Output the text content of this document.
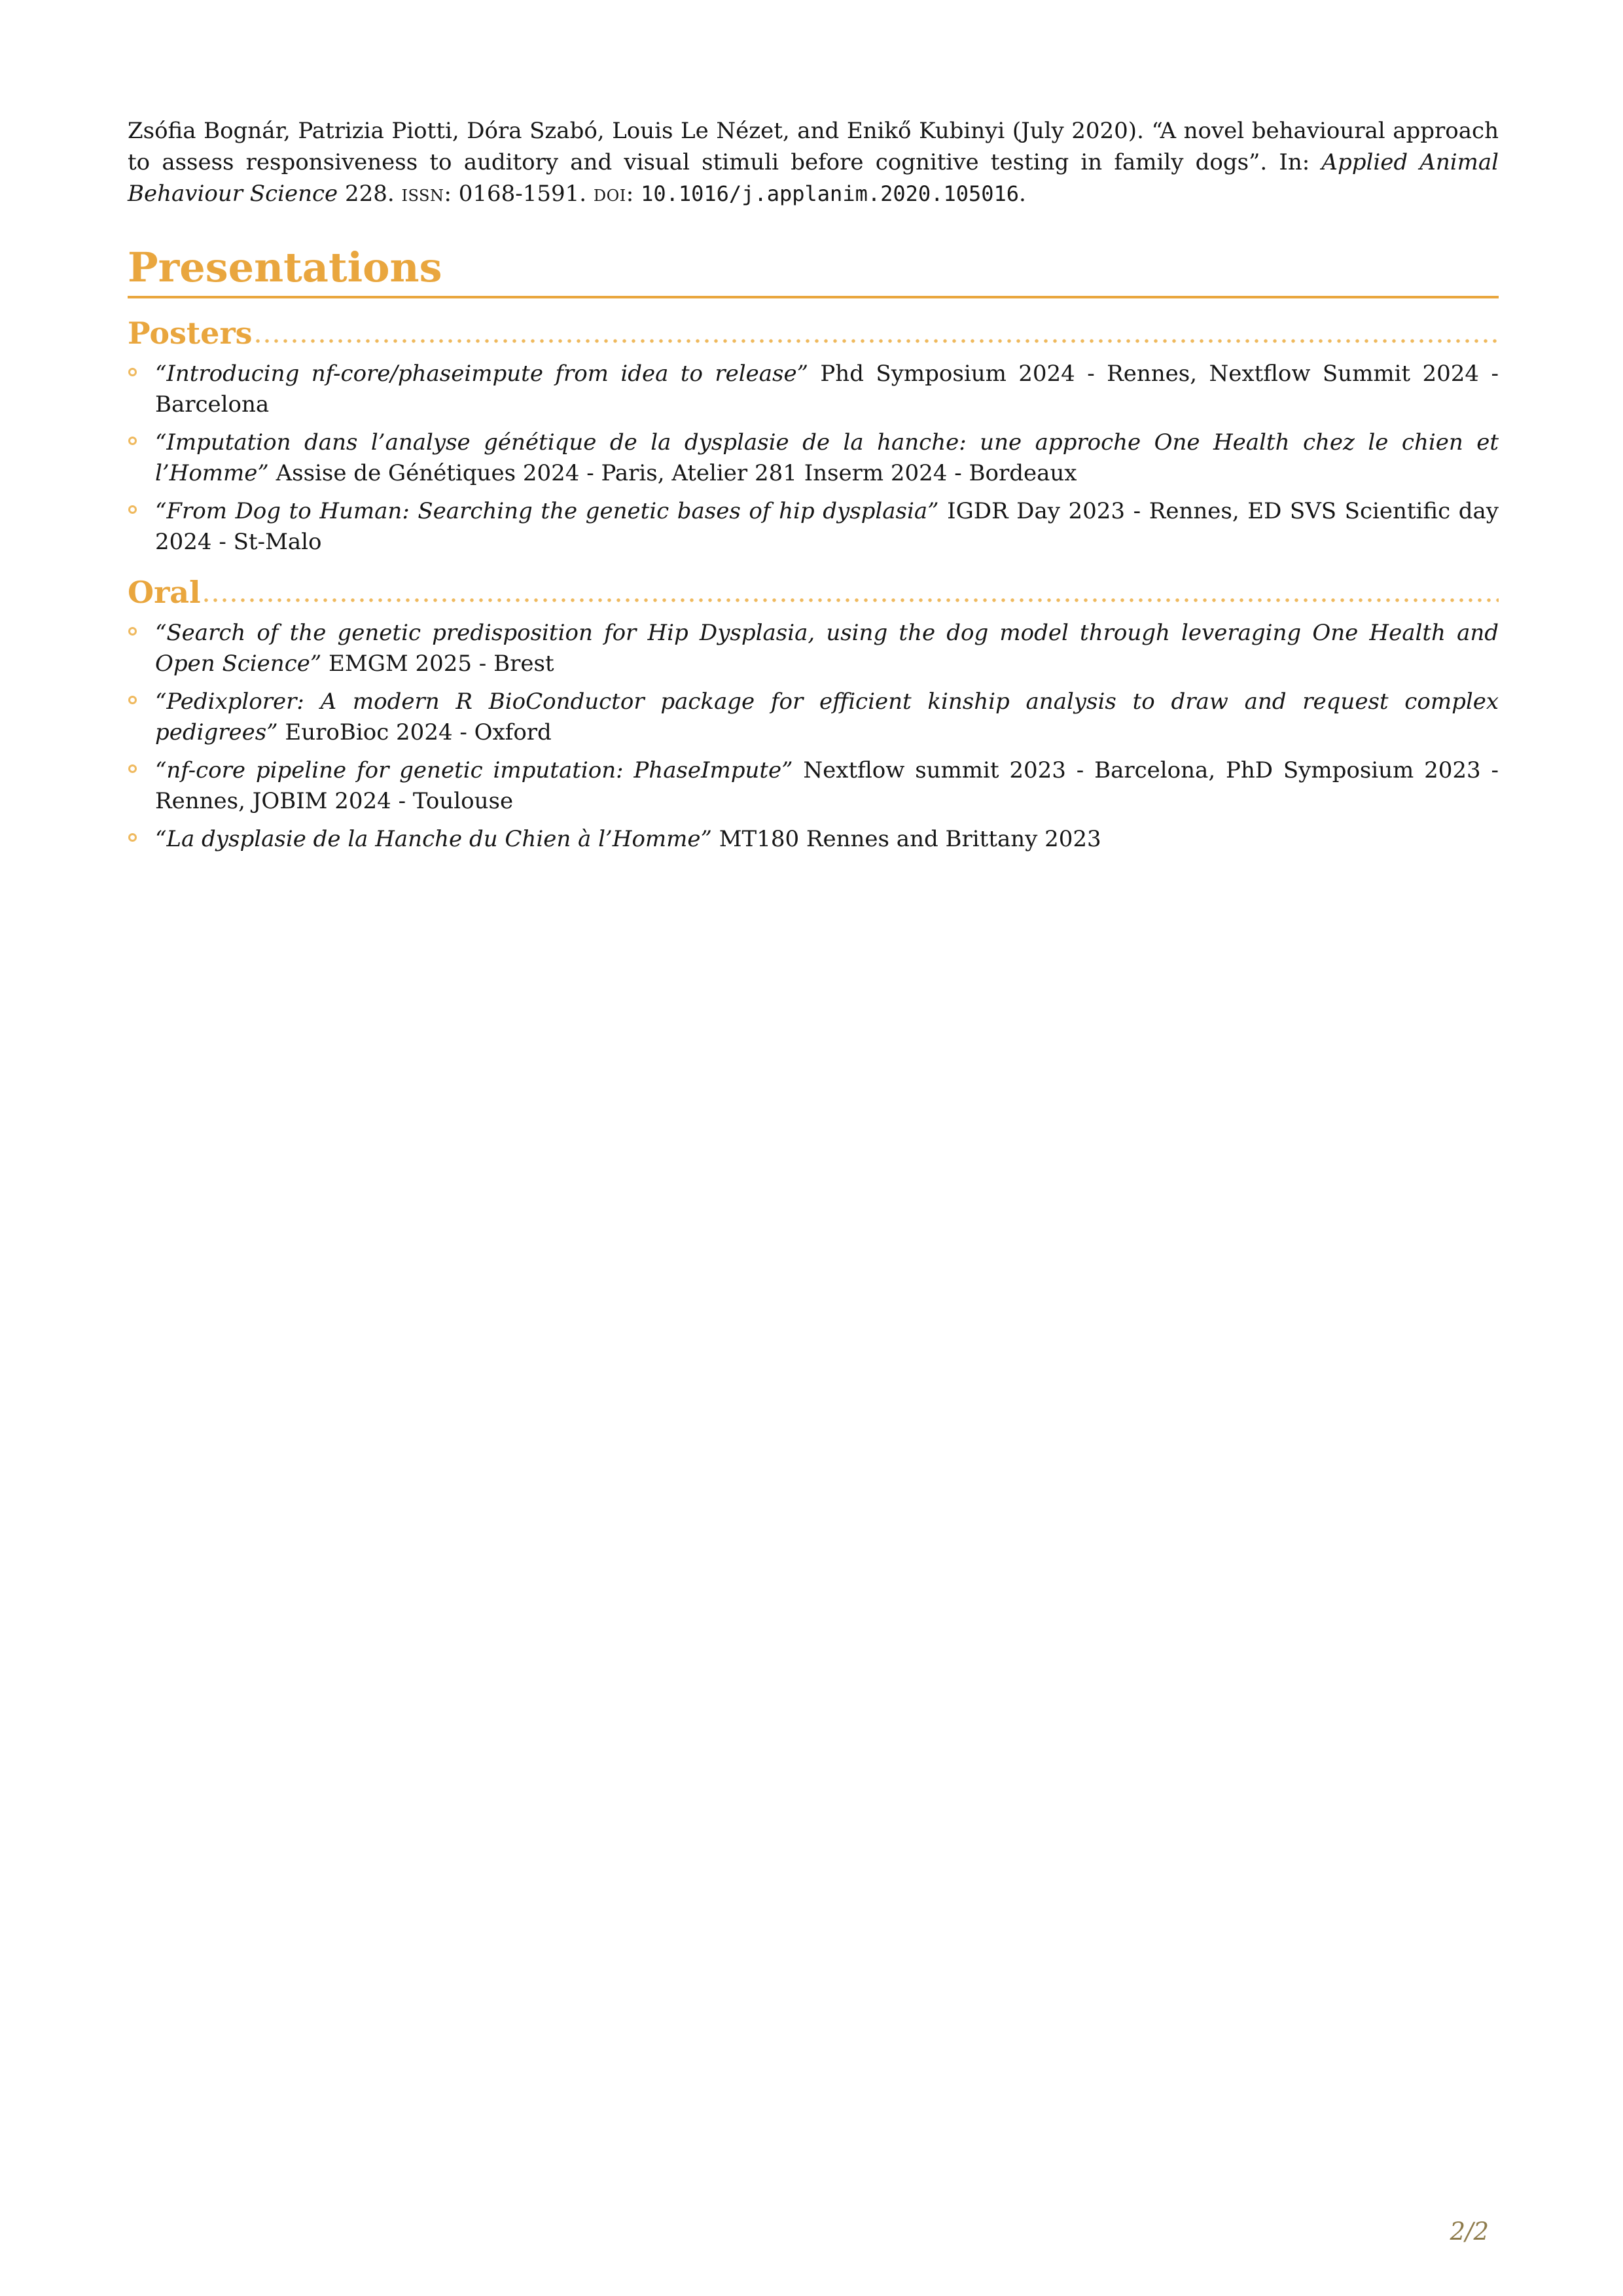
Zsófia Bognár, Patrizia Piotti, Dóra Szabó, Louis Le Nézet, and Enikő Kubinyi (July 2020). “A novel behavioural approach to assess responsiveness to auditory and visual stimuli before cognitive testing in family dogs”. In: Applied Animal Behaviour Science 228. issn: 0168-1591. doi: 10.1016/j.applanim.2020.105016.

Presentations
Posters
“Introducing nf-core/phaseimpute from idea to release” Phd Symposium 2024 - Rennes, Nextflow Summit 2024 - Barcelona
“Imputation dans l’analyse génétique de la dysplasie de la hanche: une approche One Health chez le chien et l’Homme” Assise de Génétiques 2024 - Paris, Atelier 281 Inserm 2024 - Bordeaux
“From Dog to Human: Searching the genetic bases of hip dysplasia” IGDR Day 2023 - Rennes, ED SVS Scientific day 2024 - St-Malo
Oral
“Search of the genetic predisposition for Hip Dysplasia, using the dog model through leveraging One Health and Open Science” EMGM 2025 - Brest
“Pedixplorer: A modern R BioConductor package for efficient kinship analysis to draw and request complex pedigrees” EuroBioc 2024 - Oxford
“nf-core pipeline for genetic imputation: PhaseImpute” Nextflow summit 2023 - Barcelona, PhD Symposium 2023 - Rennes, JOBIM 2024 - Toulouse
“La dysplasie de la Hanche du Chien à l’Homme” MT180 Rennes and Brittany 2023
2/2
